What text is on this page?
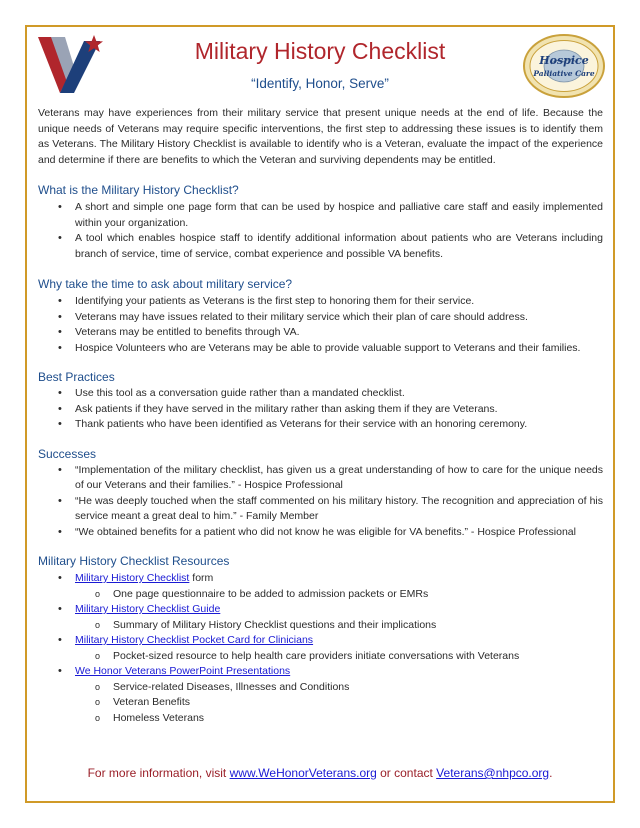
Military History Checklist
“Identify, Honor, Serve”
Hospice
Palliative Care

Veterans may have experiences from their military service that present unique needs at the end of life. Because the unique needs of Veterans may require specific interventions, the first step to addressing these issues is to identify them as Veterans. The Military History Checklist is available to identify who is a Veteran, evaluate the impact of the experience and determine if there are benefits to which the Veteran and surviving dependents may be entitled.

What is the Military History Checklist?
• A short and simple one page form that can be used by hospice and palliative care staff and easily implemented within your organization.
• A tool which enables hospice staff to identify additional information about patients who are Veterans including branch of service, time of service, combat experience and possible VA benefits.
Why take the time to ask about military service?
• Identifying your patients as Veterans is the first step to honoring them for their service.
• Veterans may have issues related to their military service which their plan of care should address.
• Veterans may be entitled to benefits through VA.
• Hospice Volunteers who are Veterans may be able to provide valuable support to Veterans and their families.
Best Practices
• Use this tool as a conversation guide rather than a mandated checklist.
• Ask patients if they have served in the military rather than asking them if they are Veterans.
• Thank patients who have been identified as Veterans for their service with an honoring ceremony.
Successes
• “Implementation of the military checklist, has given us a great understanding of how to care for the unique needs of our Veterans and their families.” - Hospice Professional
• “He was deeply touched when the staff commented on his military history. The recognition and appreciation of his service meant a great deal to him.” - Family Member
• “We obtained benefits for a patient who did not know he was eligible for VA benefits.” - Hospice Professional
Military History Checklist Resources
• Military History Checklist form
o One page questionnaire to be added to admission packets or EMRs
• Military History Checklist Guide
o Summary of Military History Checklist questions and their implications
• Military History Checklist Pocket Card for Clinicians
o Pocket-sized resource to help health care providers initiate conversations with Veterans
• We Honor Veterans PowerPoint Presentations
o Service-related Diseases, Illnesses and Conditions
o Veteran Benefits
o Homeless Veterans
For more information, visit www.WeHonorVeterans.org or contact Veterans@nhpco.org.
